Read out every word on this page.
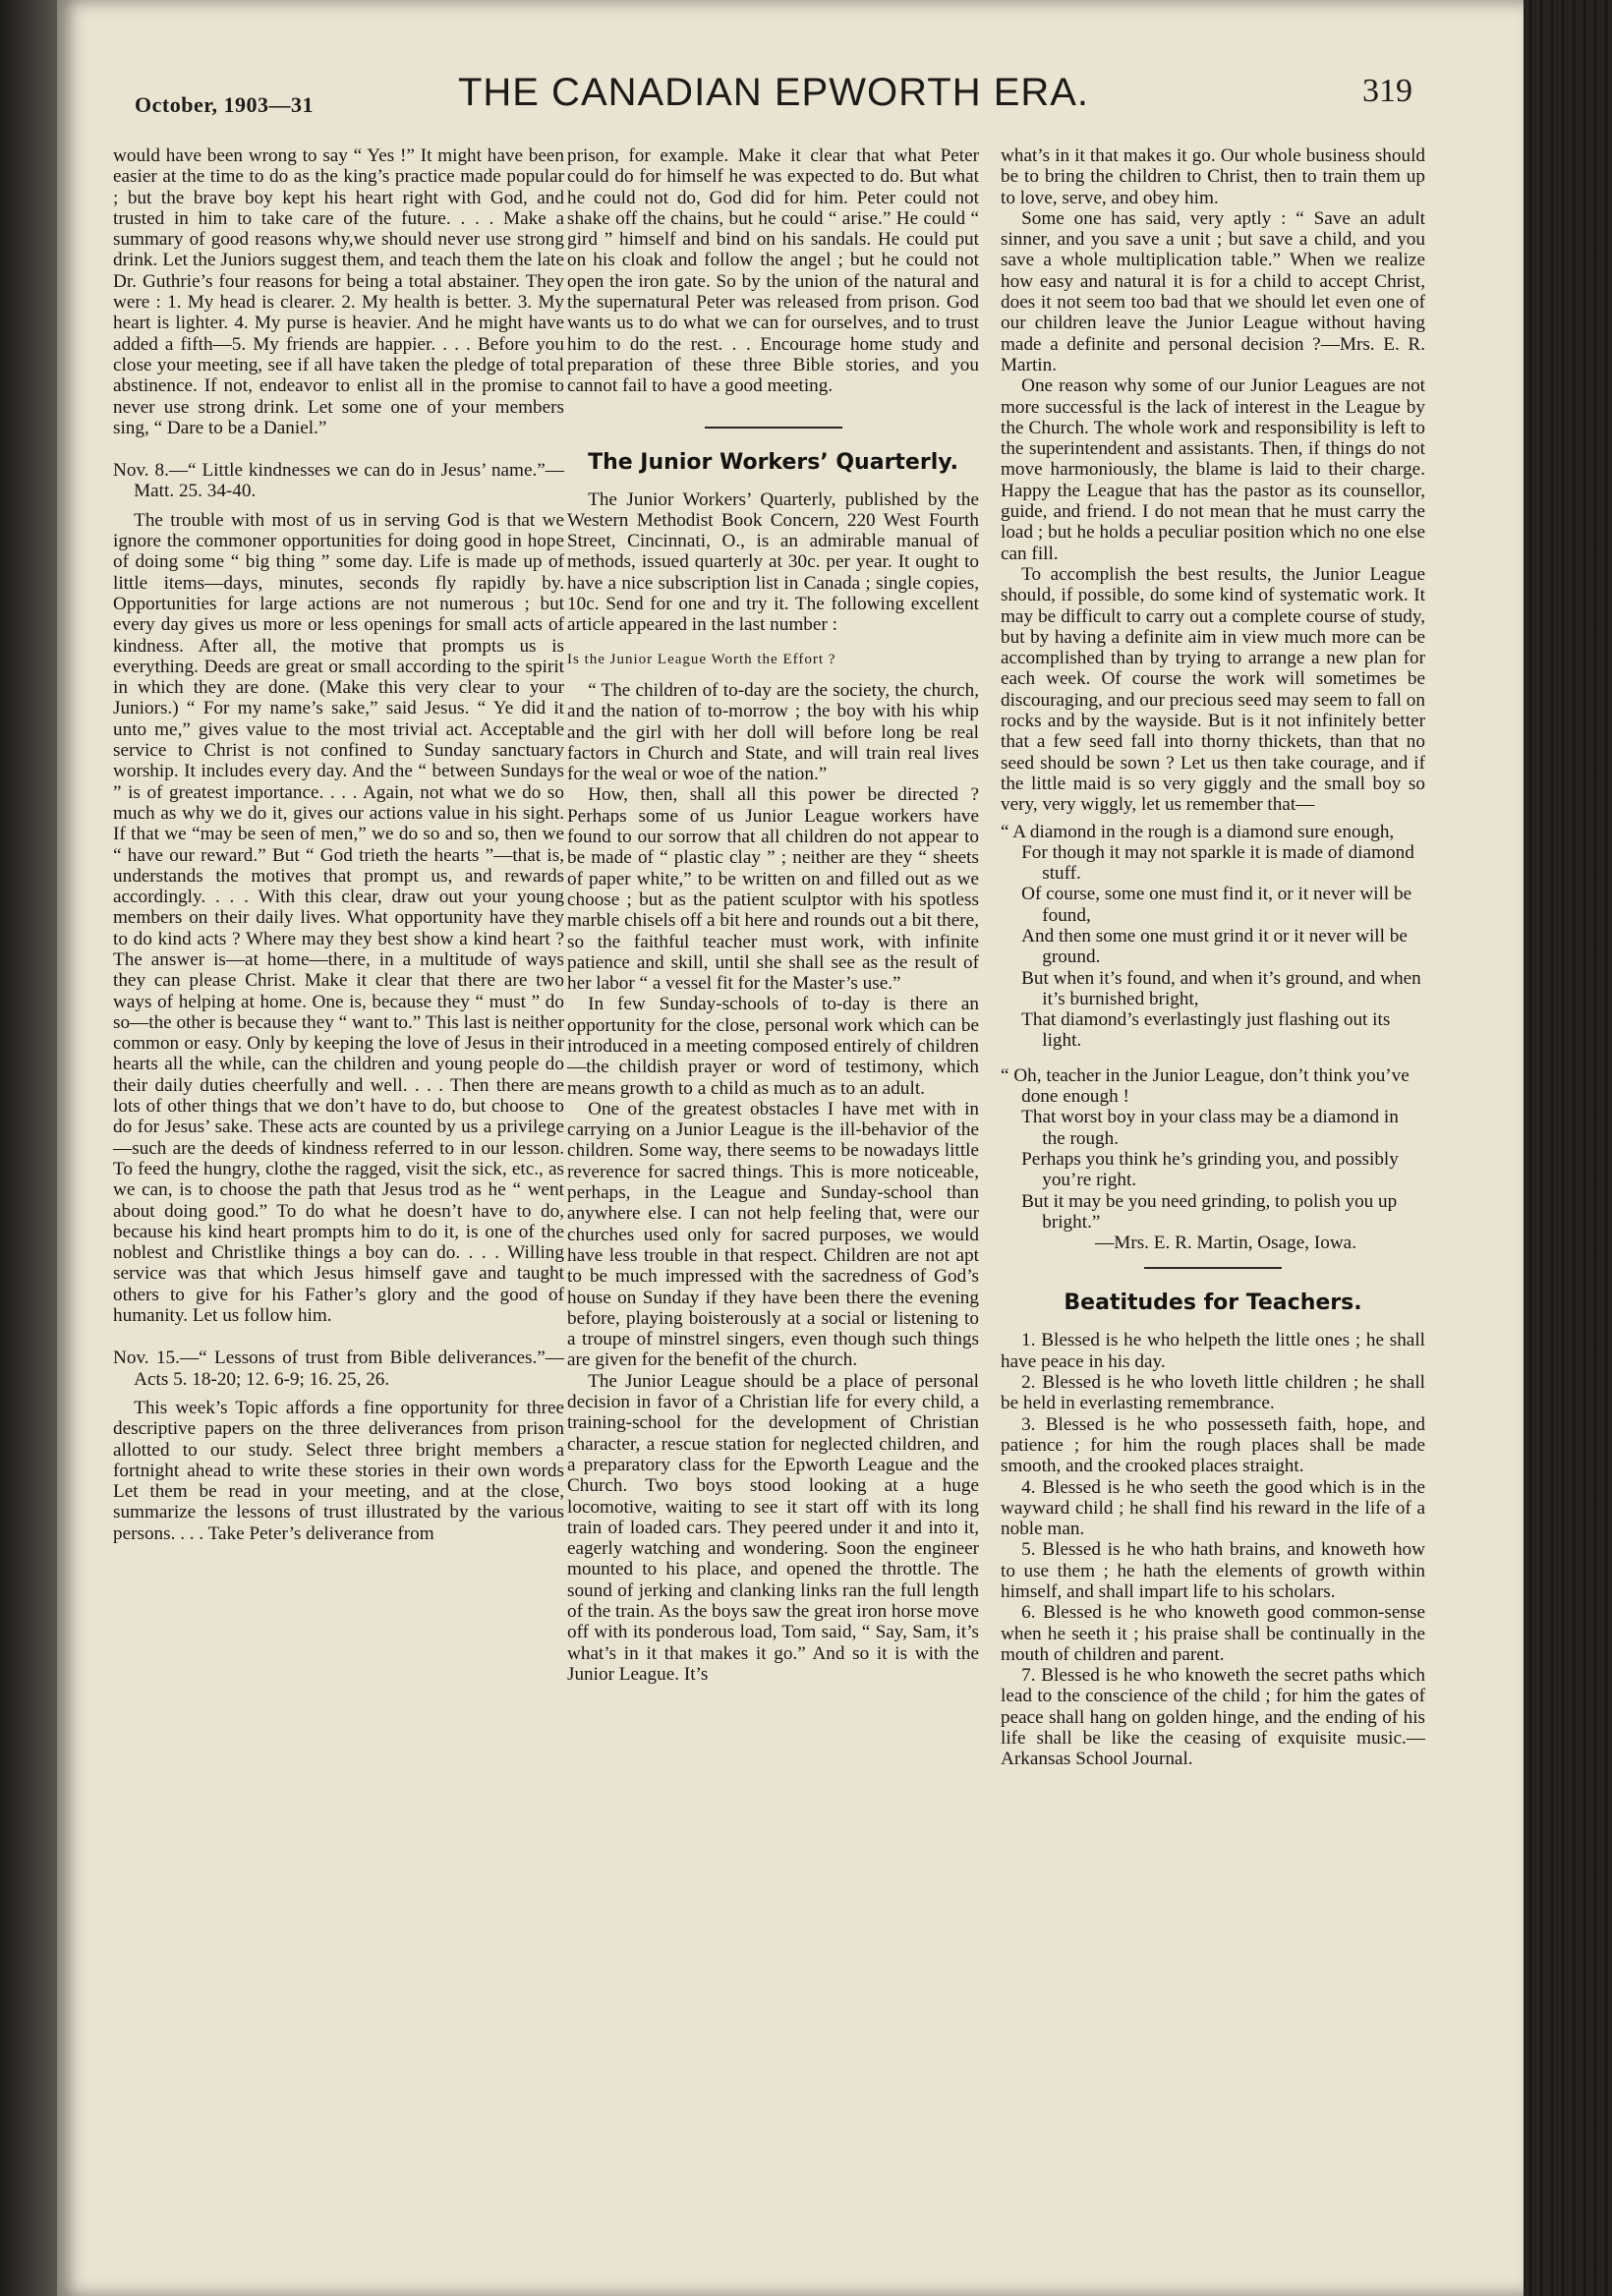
October, 1903—31	THE CANADIAN EPWORTH ERA.	319

would have been wrong to say “ Yes !” It might have been easier at the time to do as the king’s practice made popular ; but the brave boy kept his heart right with God, and trusted in him to take care of the future. . . . Make a summary of good reasons why,we should never use strong drink. Let the Juniors suggest them, and teach them the late Dr. Guthrie’s four reasons for being a total abstainer. They were : 1. My head is clearer. 2. My health is better. 3. My heart is lighter. 4. My purse is heavier. And he might have added a fifth—5. My friends are happier. . . . Before you close your meeting, see if all have taken the pledge of total abstinence. If not, endeavor to enlist all in the promise to never use strong drink. Let some one of your members sing, “ Dare to be a Daniel.”

Nov. 8.—“ Little kindnesses we can do in Jesus’ name.”—Matt. 25. 34-40.

The trouble with most of us in serving God is that we ignore the commoner opportunities for doing good in hope of doing some “ big thing ” some day. Life is made up of little items—days, minutes, seconds fly rapidly by. Opportunities for large actions are not numerous ; but every day gives us more or less openings for small acts of kindness. After all, the motive that prompts us is everything. Deeds are great or small according to the spirit in which they are done. (Make this very clear to your Juniors.) “ For my name’s sake,” said Jesus. “ Ye did it unto me,” gives value to the most trivial act. Acceptable service to Christ is not confined to Sunday sanctuary worship. It includes every day. And the “ between Sundays ” is of greatest importance. . . . Again, not what we do so much as why we do it, gives our actions value in his sight. If that we “may be seen of men,” we do so and so, then we “ have our reward.” But “ God trieth the hearts ”—that is, understands the motives that prompt us, and rewards accordingly. . . . With this clear, draw out your young members on their daily lives. What opportunity have they to do kind acts ? Where may they best show a kind heart ? The answer is—at home—there, in a multitude of ways they can please Christ. Make it clear that there are two ways of helping at home. One is, because they “ must ” do so—the other is because they “ want to.” This last is neither common or easy. Only by keeping the love of Jesus in their hearts all the while, can the children and young people do their daily duties cheerfully and well. . . . Then there are lots of other things that we don’t have to do, but choose to do for Jesus’ sake. These acts are counted by us a privilege—such are the deeds of kindness referred to in our lesson. To feed the hungry, clothe the ragged, visit the sick, etc., as we can, is to choose the path that Jesus trod as he “ went about doing good.” To do what he doesn’t have to do, because his kind heart prompts him to do it, is one of the noblest and Christlike things a boy can do. . . . Willing service was that which Jesus himself gave and taught others to give for his Father’s glory and the good of humanity. Let us follow him.

Nov. 15.—“ Lessons of trust from Bible deliverances.”—Acts 5. 18-20; 12. 6-9; 16. 25, 26.

This week’s Topic affords a fine opportunity for three descriptive papers on the three deliverances from prison allotted to our study. Select three bright members a fortnight ahead to write these stories in their own words Let them be read in your meeting, and at the close, summarize the lessons of trust illustrated by the various persons. . . . Take Peter’s deliverance from

prison, for example. Make it clear that what Peter could do for himself he was expected to do. But what he could not do, God did for him. Peter could not shake off the chains, but he could “ arise.” He could “ gird ” himself and bind on his sandals. He could put on his cloak and follow the angel ; but he could not open the iron gate. So by the union of the natural and the supernatural Peter was released from prison. God wants us to do what we can for ourselves, and to trust him to do the rest. . . Encourage home study and preparation of these three Bible stories, and you cannot fail to have a good meeting.

The Junior Workers’ Quarterly.

The Junior Workers’ Quarterly, published by the Western Methodist Book Concern, 220 West Fourth Street, Cincinnati, O., is an admirable manual of methods, issued quarterly at 30c. per year. It ought to have a nice subscription list in Canada ; single copies, 10c. Send for one and try it. The following excellent article appeared in the last number :

Is the Junior League Worth the Effort ?

“ The children of to-day are the society, the church, and the nation of to-morrow ; the boy with his whip and the girl with her doll will before long be real factors in Church and State, and will train real lives for the weal or woe of the nation.”

How, then, shall all this power be directed ? Perhaps some of us Junior League workers have found to our sorrow that all children do not appear to be made of “ plastic clay ” ; neither are they “ sheets of paper white,” to be written on and filled out as we choose ; but as the patient sculptor with his spotless marble chisels off a bit here and rounds out a bit there, so the faithful teacher must work, with infinite patience and skill, until she shall see as the result of her labor “ a vessel fit for the Master’s use.”

In few Sunday-schools of to-day is there an opportunity for the close, personal work which can be introduced in a meeting composed entirely of children—the childish prayer or word of testimony, which means growth to a child as much as to an adult.

One of the greatest obstacles I have met with in carrying on a Junior League is the ill-behavior of the children. Some way, there seems to be nowadays little reverence for sacred things. This is more noticeable, perhaps, in the League and Sunday-school than anywhere else. I can not help feeling that, were our churches used only for sacred purposes, we would have less trouble in that respect. Children are not apt to be much impressed with the sacredness of God’s house on Sunday if they have been there the evening before, playing boisterously at a social or listening to a troupe of minstrel singers, even though such things are given for the benefit of the church.

The Junior League should be a place of personal decision in favor of a Christian life for every child, a training-school for the development of Christian character, a rescue station for neglected children, and a preparatory class for the Epworth League and the Church. Two boys stood looking at a huge locomotive, waiting to see it start off with its long train of loaded cars. They peered under it and into it, eagerly watching and wondering. Soon the engineer mounted to his place, and opened the throttle. The sound of jerking and clanking links ran the full length of the train. As the boys saw the great iron horse move off with its ponderous load, Tom said, “ Say, Sam, it’s what’s in it that makes it go.” And so it is with the Junior League. It’s

what’s in it that makes it go. Our whole business should be to bring the children to Christ, then to train them up to love, serve, and obey him.

Some one has said, very aptly : “ Save an adult sinner, and you save a unit ; but save a child, and you save a whole multiplication table.” When we realize how easy and natural it is for a child to accept Christ, does it not seem too bad that we should let even one of our children leave the Junior League without having made a definite and personal decision ?—Mrs. E. R. Martin.

One reason why some of our Junior Leagues are not more successful is the lack of interest in the League by the Church. The whole work and responsibility is left to the superintendent and assistants. Then, if things do not move harmoniously, the blame is laid to their charge. Happy the League that has the pastor as its counsellor, guide, and friend. I do not mean that he must carry the load ; but he holds a peculiar position which no one else can fill.

To accomplish the best results, the Junior League should, if possible, do some kind of systematic work. It may be difficult to carry out a complete course of study, but by having a definite aim in view much more can be accomplished than by trying to arrange a new plan for each week. Of course the work will sometimes be discouraging, and our precious seed may seem to fall on rocks and by the wayside. But is it not infinitely better that a few seed fall into thorny thickets, than that no seed should be sown ? Let us then take courage, and if the little maid is so very giggly and the small boy so very, very wiggly, let us remember that—

“ A diamond in the rough is a diamond sure enough,

For though it may not sparkle it is made of diamond stuff.

Of course, some one must find it, or it never will be found,

And then some one must grind it or it never will be ground.

But when it’s found, and when it’s ground, and when it’s burnished bright,

That diamond’s everlastingly just flashing out its light.

“ Oh, teacher in the Junior League, don’t think you’ve done enough !

That worst boy in your class may be a diamond in the rough.

Perhaps you think he’s grinding you, and possibly you’re right.

But it may be you need grinding, to polish you up bright.”

—Mrs. E. R. Martin, Osage, Iowa.

Beatitudes for Teachers.

1. Blessed is he who helpeth the little ones ; he shall have peace in his day.

2. Blessed is he who loveth little children ; he shall be held in everlasting remembrance.

3. Blessed is he who possesseth faith, hope, and patience ; for him the rough places shall be made smooth, and the crooked places straight.

4. Blessed is he who seeth the good which is in the wayward child ; he shall find his reward in the life of a noble man.

5. Blessed is he who hath brains, and knoweth how to use them ; he hath the elements of growth within himself, and shall impart life to his scholars.

6. Blessed is he who knoweth good common-sense when he seeth it ; his praise shall be continually in the mouth of children and parent.

7. Blessed is he who knoweth the secret paths which lead to the conscience of the child ; for him the gates of peace shall hang on golden hinge, and the ending of his life shall be like the ceasing of exquisite music.—Arkansas School Journal.
